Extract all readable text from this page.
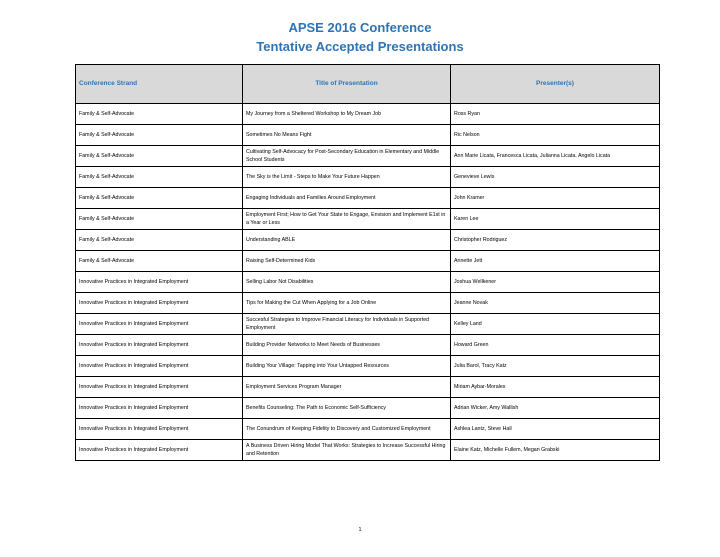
APSE 2016 Conference
Tentative Accepted Presentations
Conference Strand	Title of Presentation	Presenter(s)
Family & Self-Advocate	My Journey from a Sheltered Workshop to My Dream Job	Ross Ryan
Family & Self-Advocate	Sometimes No Means Fight	Ric Nelson
Family & Self-Advocate	Cultivating Self-Advocacy for Post-Secondary Education in Elementary and Middle School Students	Ann Marie Licata, Francesca Licata, Julianna Licata, Angelo Licata
Family & Self-Advocate	The Sky is the Limit - Steps to Make Your Future Happen	Genevieve Lewis
Family & Self-Advocate	Engaging Individuals and Families Around Employment	John Kramer
Family & Self-Advocate	Employment First; How to Get Your State to Engage, Envision and Implement E1st in a Year or Less	Karen Lee
Family & Self-Advocate	Understanding ABLE	Christopher Rodriguez
Family & Self-Advocate	Raising Self-Determined Kids	Annette Jett
Innovative Practices in Integrated Employment	Selling Labor Not Disabilities	Joshua Wellkener
Innovative Practices in Integrated Employment	Tips for Making the Cut When Applying for a Job Online	Jeanne Novak
Innovative Practices in Integrated Employment	Succesful Strategies to Improve Financial Literacy for Individuals in Supported Employment	Kelley Land
Innovative Practices in Integrated Employment	Building Provider Networks to Meet Needs of Businesses	Howard Green
Innovative Practices in Integrated Employment	Building Your Village: Tapping into Your Untapped Resources	Julia Barol, Tracy Katz
Innovative Practices in Integrated Employment	Employment Services Program Manager	Miriam Aybar-Morales
Innovative Practices in Integrated Employment	Benefits Counseling: The Path to Economic Self-Sufficiency	Adrian Wicker, Amy Wallish
Innovative Practices in Integrated Employment	The Conundrum of Keeping Fidelity to Discovery and Customized Employment	Ashlea Lantz, Steve Hall
Innovative Practices in Integrated Employment	A Business Driven Hiring Model That Works: Strategies to Increase Successful Hiring and Retention	Elaine Katz, Michelle Fullem, Megan Grabski
1
